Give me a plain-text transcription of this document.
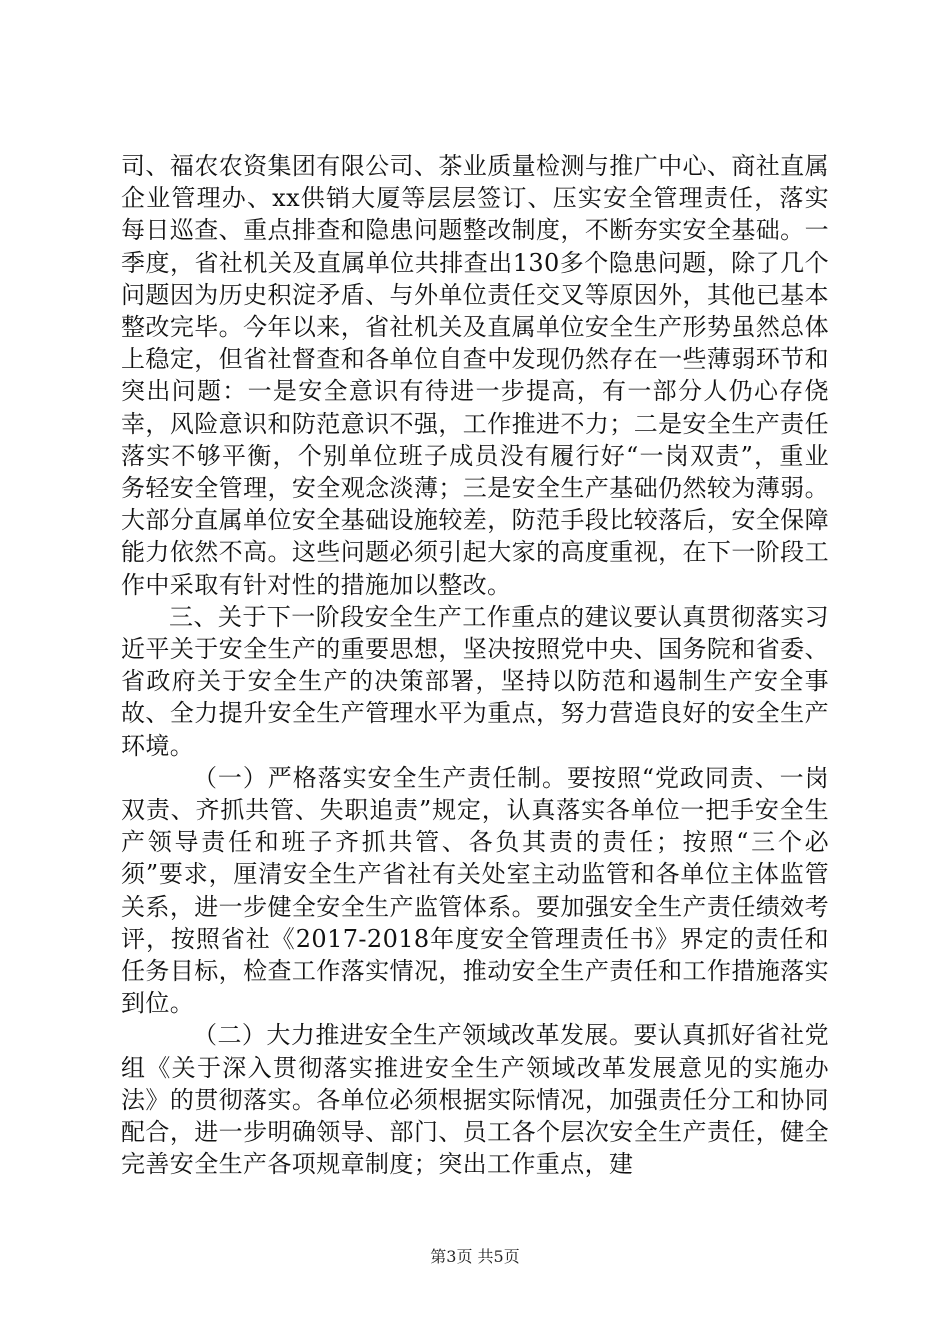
司、福农农资集团有限公司、茶业质量检测与推广中心、商社直属企业管理办、xx供销大厦等层层签订、压实安全管理责任，落实每日巡查、重点排查和隐患问题整改制度，不断夯实安全基础。一季度，省社机关及直属单位共排查出130多个隐患问题，除了几个问题因为历史积淀矛盾、与外单位责任交叉等原因外，其他已基本整改完毕。今年以来，省社机关及直属单位安全生产形势虽然总体上稳定，但省社督查和各单位自查中发现仍然存在一些薄弱环节和突出问题：一是安全意识有待进一步提高，有一部分人仍心存侥幸，风险意识和防范意识不强，工作推进不力；二是安全生产责任落实不够平衡，个别单位班子成员没有履行好“一岗双责”，重业务轻安全管理，安全观念淡薄；三是安全生产基础仍然较为薄弱。大部分直属单位安全基础设施较差，防范手段比较落后，安全保障能力依然不高。这些问题必须引起大家的高度重视，在下一阶段工作中采取有针对性的措施加以整改。

三、关于下一阶段安全生产工作重点的建议要认真贯彻落实习近平关于安全生产的重要思想，坚决按照党中央、国务院和省委、省政府关于安全生产的决策部署，坚持以防范和遏制生产安全事故、全力提升安全生产管理水平为重点，努力营造良好的安全生产环境。

（一）严格落实安全生产责任制。要按照“党政同责、一岗双责、齐抓共管、失职追责”规定，认真落实各单位一把手安全生产领导责任和班子齐抓共管、各负其责的责任；按照“三个必须”要求，厘清安全生产省社有关处室主动监管和各单位主体监管关系，进一步健全安全生产监管体系。要加强安全生产责任绩效考评，按照省社《2017-2018年度安全管理责任书》界定的责任和任务目标，检查工作落实情况，推动安全生产责任和工作措施落实到位。

（二）大力推进安全生产领域改革发展。要认真抓好省社党组《关于深入贯彻落实推进安全生产领域改革发展意见的实施办法》的贯彻落实。各单位必须根据实际情况，加强责任分工和协同配合，进一步明确领导、部门、员工各个层次安全生产责任，健全完善安全生产各项规章制度；突出工作重点，建

第3页 共5页
